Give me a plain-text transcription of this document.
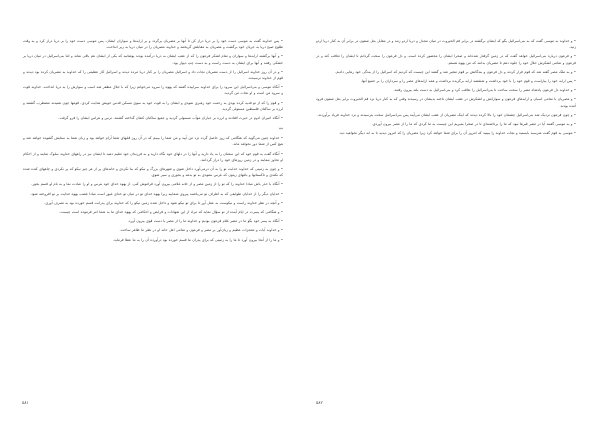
• پس خداوند گفت به موسی دست خود را بر دریا دراز کن تا آبها بر مصریان برگردد و بر ارابه‌ها و سواران ایشان. پس موسی دست خود را بر دریا دراز کرد و به وقت طلوع صبح دریا به جریان خود برگشت و مصریان به مقابلش گریختند و خداوند مصریان را در میان دریا به زیر انداخت.

• و آبها برگشته ارابه‌ها و سواران و تمام لشکر فرعون را که از عقب ایشان به دریا درآمده بودند پوشانید که یکی از ایشان هم باقی نماند و اما بنی‌اسرائیل در میان دریا بر خشکی رفتند و آبها برای ایشان به دست راست و به دست چپ دیوار بود.

• و در آن روز خداوند اسرائیل را از دست مصریان نجات داد و اسرائیل مصریان را بر کنار دریا مرده دیدند و اسرائیل کار عظیمی را که خداوند به مصریان کرده بود دیدند و قوم از خداوند ترسیدند.

• آنگاه موسی و بنی‌اسرائیل این سرود را برای خداوند سراییده گفتند که یهوه را سرود می‌خوانم زیرا که با جلال مظفر شد اسب و سوارش را به دریا انداخت. خداوند قوت و سرود من است و او نجات من گردید.

• و قوم را که از تو فدیه کرده بودی به رحمت خود رهبری نمودی و ایشان را به قوت خود به سوی مسکن قدس خویش هدایت کردی. قومها چون شنیدند مضطرب گشتند و لرزه بر ساکنان فلسطین مستولی گردید.

• آنگاه امیران ادوم در حیرت افتادند و لرزه بر جباران موآب مستولی گردید و جمیع ساکنان کنعان گداخته گشتند. ترس و هراس ایشان را فرو گرفت.

**

• خداوند چنین می‌گوید که هنگامی که روز حاصل گردد نزد من آیید و من شما را ببینم که در آن روز قلبهای شما آرام خواهد بود و زبان شما به ستایش گشوده خواهد شد و هیچ کس از شما دور نخواهد ماند.

• آنگاه گفت به قوم خود که این سخنان را به یاد دارید و آنها را در دلهای خود نگاه دارید و به فرزندان خود تعلیم دهید تا ایشان نیز در راههای خداوند سلوک نمایند و از احکام او تجاوز ننمایند و در زمین روزهای خود را دراز گردانند.

• و چون به زمینی که خداوند خدایت تو را به آن درمی‌آورد داخل شوی و شهرهای بزرگ و نیکو که بنا نکردی و خانه‌های پر از هر چیز نیکو که پر نکردی و چاههای کنده شده که نکندی و تاکستانها و باغهای زیتون که غرس ننمودی به تو بدهد و بخوری و سیر شوی.

• آنگاه با حذر باش مبادا خداوند را که تو را از زمین مصر و از خانه غلامی بیرون آورد فراموش کنی. از یهوه خدای خود بترس و او را عبادت نما و به نام او قسم بخور.

• خدایان دیگر را از خدایان طوایفی که به اطراف تو می‌باشند پیروی منمایید زیرا یهوه خدای تو در میان تو خدای غیور است مبادا غضب یهوه خدایت بر تو افروخته شود.

• و آنچه در نظر خداوند راست و نیکوست به عمل آور تا برای تو نیکو شود و داخل شده زمین نیکو را که خداوند برای پدرانت قسم خورده بود به تصرف آوری.

• و هنگامی که پسرت در ایام آینده از تو سؤال نماید که مراد از این شهادات و فرایض و احکامی که یهوه خدای ما به شما امر فرموده است چیست.

• آنگاه به پسر خود بگو ما در مصر غلام فرعون بودیم و خداوند ما را از مصر با دست قوی بیرون آورد.

• و خداوند آیات و معجزات عظیم و زیان‌آور بر مصر و فرعون و تمامی اهل خانه او در نظر ما ظاهر ساخت.

• و ما را از آنجا بیرون آورد تا ما را به زمینی که برای پدران ما قسم خورده بود درآورده آن را به ما عطا فرماید.

• و خداوند به موسی گفت که به بنی‌اسرائیل بگو که ایشان برگشته در برابر فم الحیروت در میان مجدل و دریا اردو زنند و در مقابل بعل صفون در برابر آن به کنار دریا اردو زنید.

• و فرعون درباره بنی‌اسرائیل خواهد گفت که در زمین گرفتار شده‌اند و صحرا ایشان را محصور کرده است. و دل فرعون را سخت گردانم تا ایشان را تعاقب کند و در فرعون و تمامی لشکرش جلال خود را جلوه دهم تا مصریان بدانند که من یهوه هستم.

• و به ملک مصر گفته شد که قوم فرار کردند و دل فرعون و بندگانش بر قوم متغیر شد و گفتند این چیست که کردیم که اسرائیل را از بندگی خود رهایی دادیم.

• پس ارابه خود را بیاراست و قوم خود را با خود برداشت و ششصد ارابه برگزیده برداشت و همه ارابه‌های مصر را و سرداران را بر جمیع آنها.

• و خداوند دل فرعون پادشاه مصر را سخت ساخت تا بنی‌اسرائیل را تعاقب کرد و بنی‌اسرائیل به دست بلند بیرون رفتند.

• و مصریان با تمامی اسبان و ارابه‌های فرعون و سوارانش و لشکرش در عقب ایشان تاخته بدیشان در رسیدند وقتی که به کنار دریا نزد فم الحیروت برابر بعل صفون فرود آمده بودند.

• و چون فرعون نزدیک شد بنی‌اسرائیل چشمان خود را بالا کرده دیدند که اینک مصریان از عقب ایشان می‌آیند پس بنی‌اسرائیل سخت بترسیدند و نزد خداوند فریاد برآوردند.

• و به موسی گفتند آیا در مصر قبرها نبود که ما را برداشته‌ای تا در صحرا بمیریم این چیست به ما کردی که ما را از مصر بیرون آوردی.

• موسی به قوم گفت مترسید بایستید و نجات خداوند را ببینید که امروز آن را برای شما خواهد کرد زیرا مصریان را که امروز دیدید تا به ابد دیگر نخواهید دید.

٥٨١	٥٨٢
